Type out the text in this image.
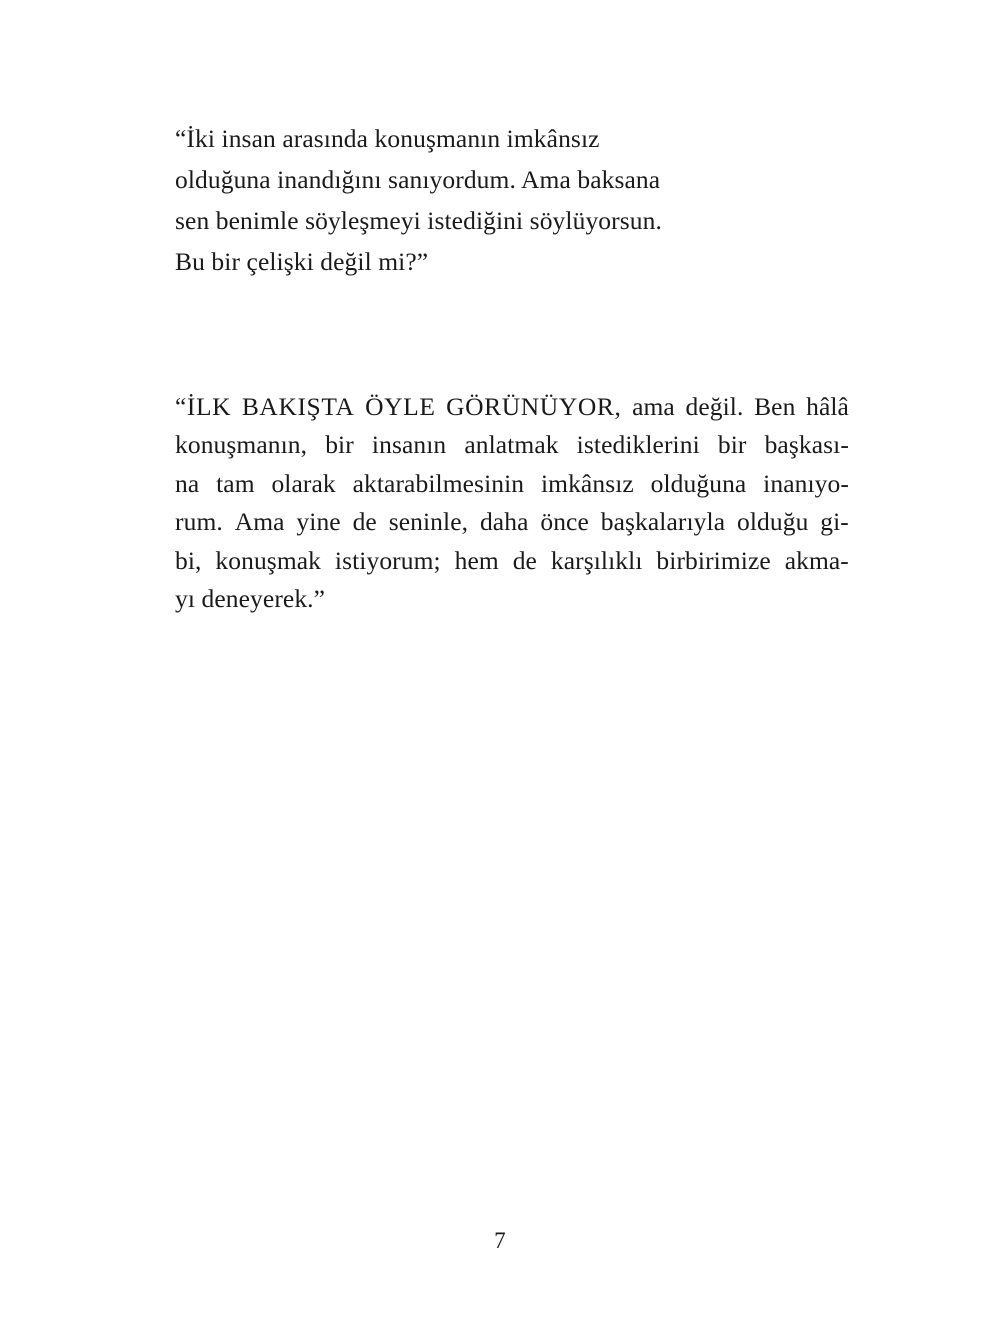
“İki insan arasında konuşmanın imkânsız
olduğuna inandığını sanıyordum. Ama baksana
sen benimle söyleşmeyi istediğini söylüyorsun.
Bu bir çelişki değil mi?”
“İLK BAKIŞTA ÖYLE GÖRÜNÜYOR, ama değil. Ben hâlâ
konuşmanın, bir insanın anlatmak istediklerini bir başkası-
na tam olarak aktarabilmesinin imkânsız olduğuna inanıyo-
rum. Ama yine de seninle, daha önce başkalarıyla olduğu gi-
bi, konuşmak istiyorum; hem de karşılıklı birbirimize akma-
yı deneyerek.”
7
